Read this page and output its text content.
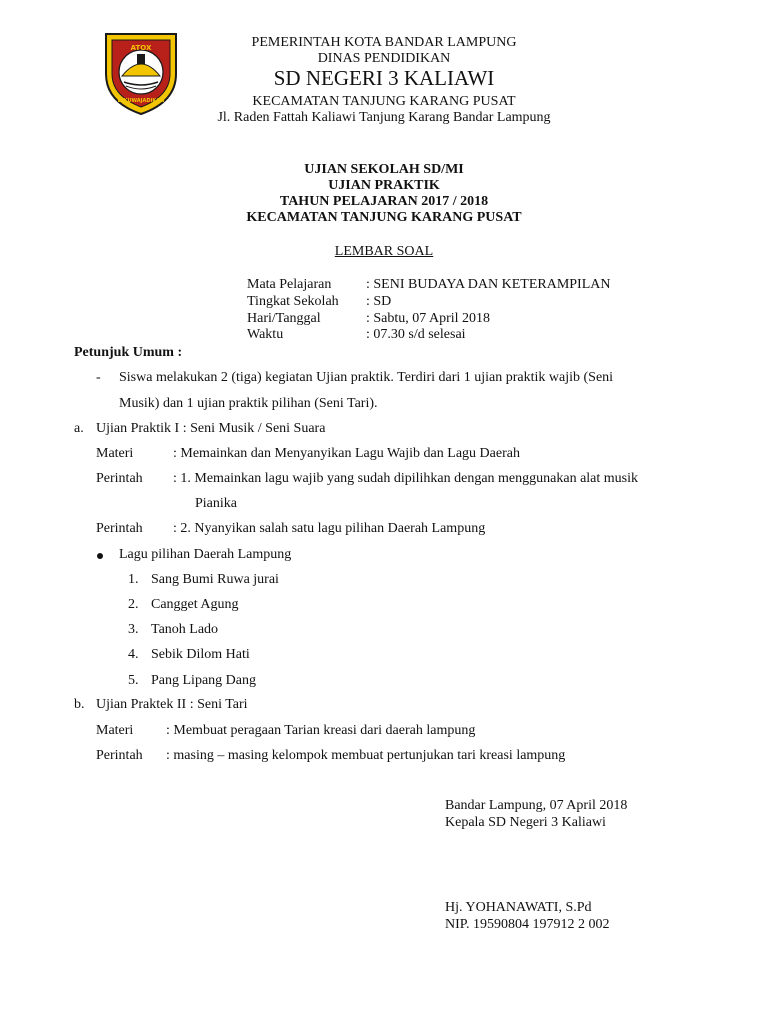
ATOX
DIKUWAJADIKAN
PEMERINTAH KOTA BANDAR LAMPUNG
DINAS PENDIDIKAN
SD NEGERI 3 KALIAWI
KECAMATAN TANJUNG KARANG PUSAT
Jl. Raden Fattah Kaliawi Tanjung Karang Bandar Lampung
UJIAN SEKOLAH SD/MI
UJIAN PRAKTIK
TAHUN PELAJARAN 2017 / 2018
KECAMATAN TANJUNG KARANG PUSAT
LEMBAR SOAL
Mata Pelajaran : SENI BUDAYA DAN KETERAMPILAN
Tingkat Sekolah : SD
Hari/Tanggal	: Sabtu, 07 April 2018
Waktu	: 07.30 s/d selesai
Petunjuk Umum :
- Siswa melakukan 2 (tiga) kegiatan Ujian praktik. Terdiri dari 1 ujian praktik wajib (Seni
Musik) dan 1 ujian praktik pilihan (Seni Tari).
a. Ujian Praktik I : Seni Musik / Seni Suara
Materi	: Memainkan dan Menyanyikan Lagu Wajib dan Lagu Daerah
Perintah : 1. Memainkan lagu wajib yang sudah dipilihkan dengan menggunakan alat musik
Pianika
Perintah : 2. Nyanyikan salah satu lagu pilihan Daerah Lampung
Lagu pilihan Daerah Lampung
1. Sang Bumi Ruwa jurai
2. Cangget Agung
3. Tanoh Lado
4. Sebik Dilom Hati
5. Pang Lipang Dang
b. Ujian Praktek II : Seni Tari
Materi : Membuat peragaan Tarian kreasi dari daerah lampung
Perintah : masing – masing kelompok membuat pertunjukan tari kreasi lampung
Bandar Lampung, 07 April 2018
Kepala SD Negeri 3 Kaliawi
Hj. YOHANAWATI, S.Pd
NIP. 19590804 197912 2 002
